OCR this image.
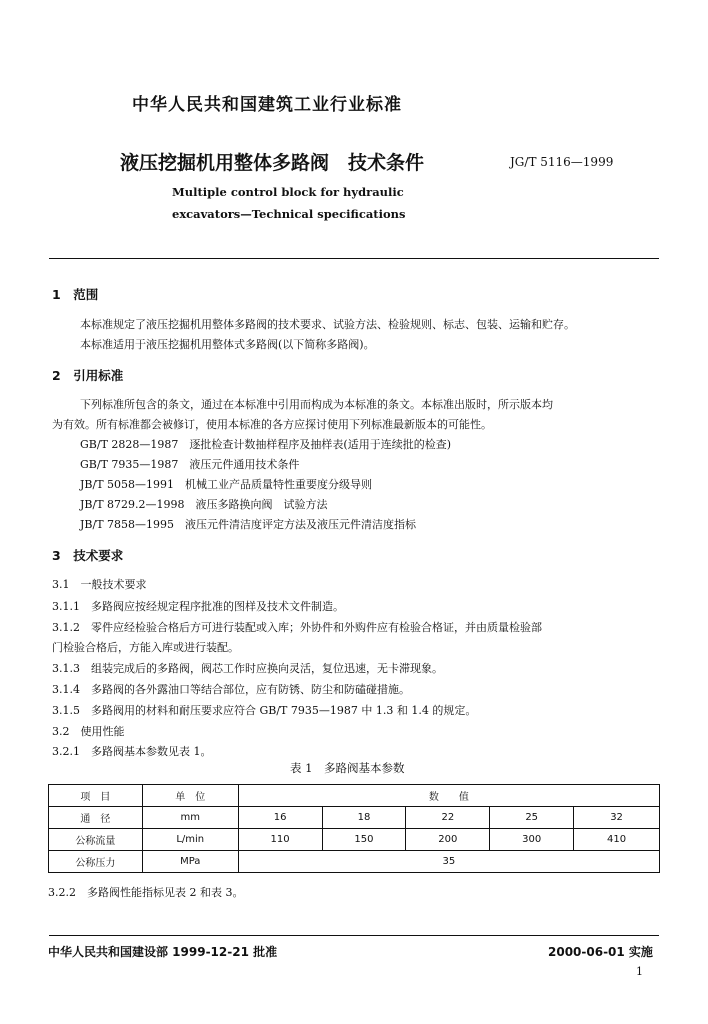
中华人民共和国建筑工业行业标准
液压挖掘机用整体多路阀　技术条件	JG/T 5116—1999
Multiple control block for hydraulic
excavators—Technical specifications
1　范围
本标准规定了液压挖掘机用整体多路阀的技术要求、试验方法、检验规则、标志、包装、运输和贮存。
本标准适用于液压挖掘机用整体式多路阀(以下简称多路阀)。
2　引用标准
下列标准所包含的条文，通过在本标准中引用而构成为本标准的条文。本标准出版时，所示版本均
为有效。所有标准都会被修订，使用本标准的各方应探讨使用下列标准最新版本的可能性。
GB/T 2828—1987　逐批检查计数抽样程序及抽样表(适用于连续批的检查)
GB/T 7935—1987　液压元件通用技术条件
JB/T 5058—1991　机械工业产品质量特性重要度分级导则
JB/T 8729.2—1998　液压多路换向阀　试验方法
JB/T 7858—1995　液压元件清洁度评定方法及液压元件清洁度指标
3　技术要求
3.1　一般技术要求
3.1.1　多路阀应按经规定程序批准的图样及技术文件制造。
3.1.2　零件应经检验合格后方可进行装配或入库；外协件和外购件应有检验合格证，并由质量检验部
门检验合格后，方能入库或进行装配。
3.1.3　组装完成后的多路阀，阀芯工作时应换向灵活，复位迅速，无卡滞现象。
3.1.4　多路阀的各外露油口等结合部位，应有防锈、防尘和防磕碰措施。
3.1.5　多路阀用的材料和耐压要求应符合 GB/T 7935—1987 中 1.3 和 1.4 的规定。
3.2　使用性能
3.2.1　多路阀基本参数见表 1。
表 1　多路阀基本参数
项　目	单　位	数　　值				
通　径	mm	16	18	22	25	32
公称流量	L/min	110	150	200	300	410
公称压力	MPa	35				
3.2.2　多路阀性能指标见表 2 和表 3。
中华人民共和国建设部 1999-12-21 批准	2000-06-01 实施
1
